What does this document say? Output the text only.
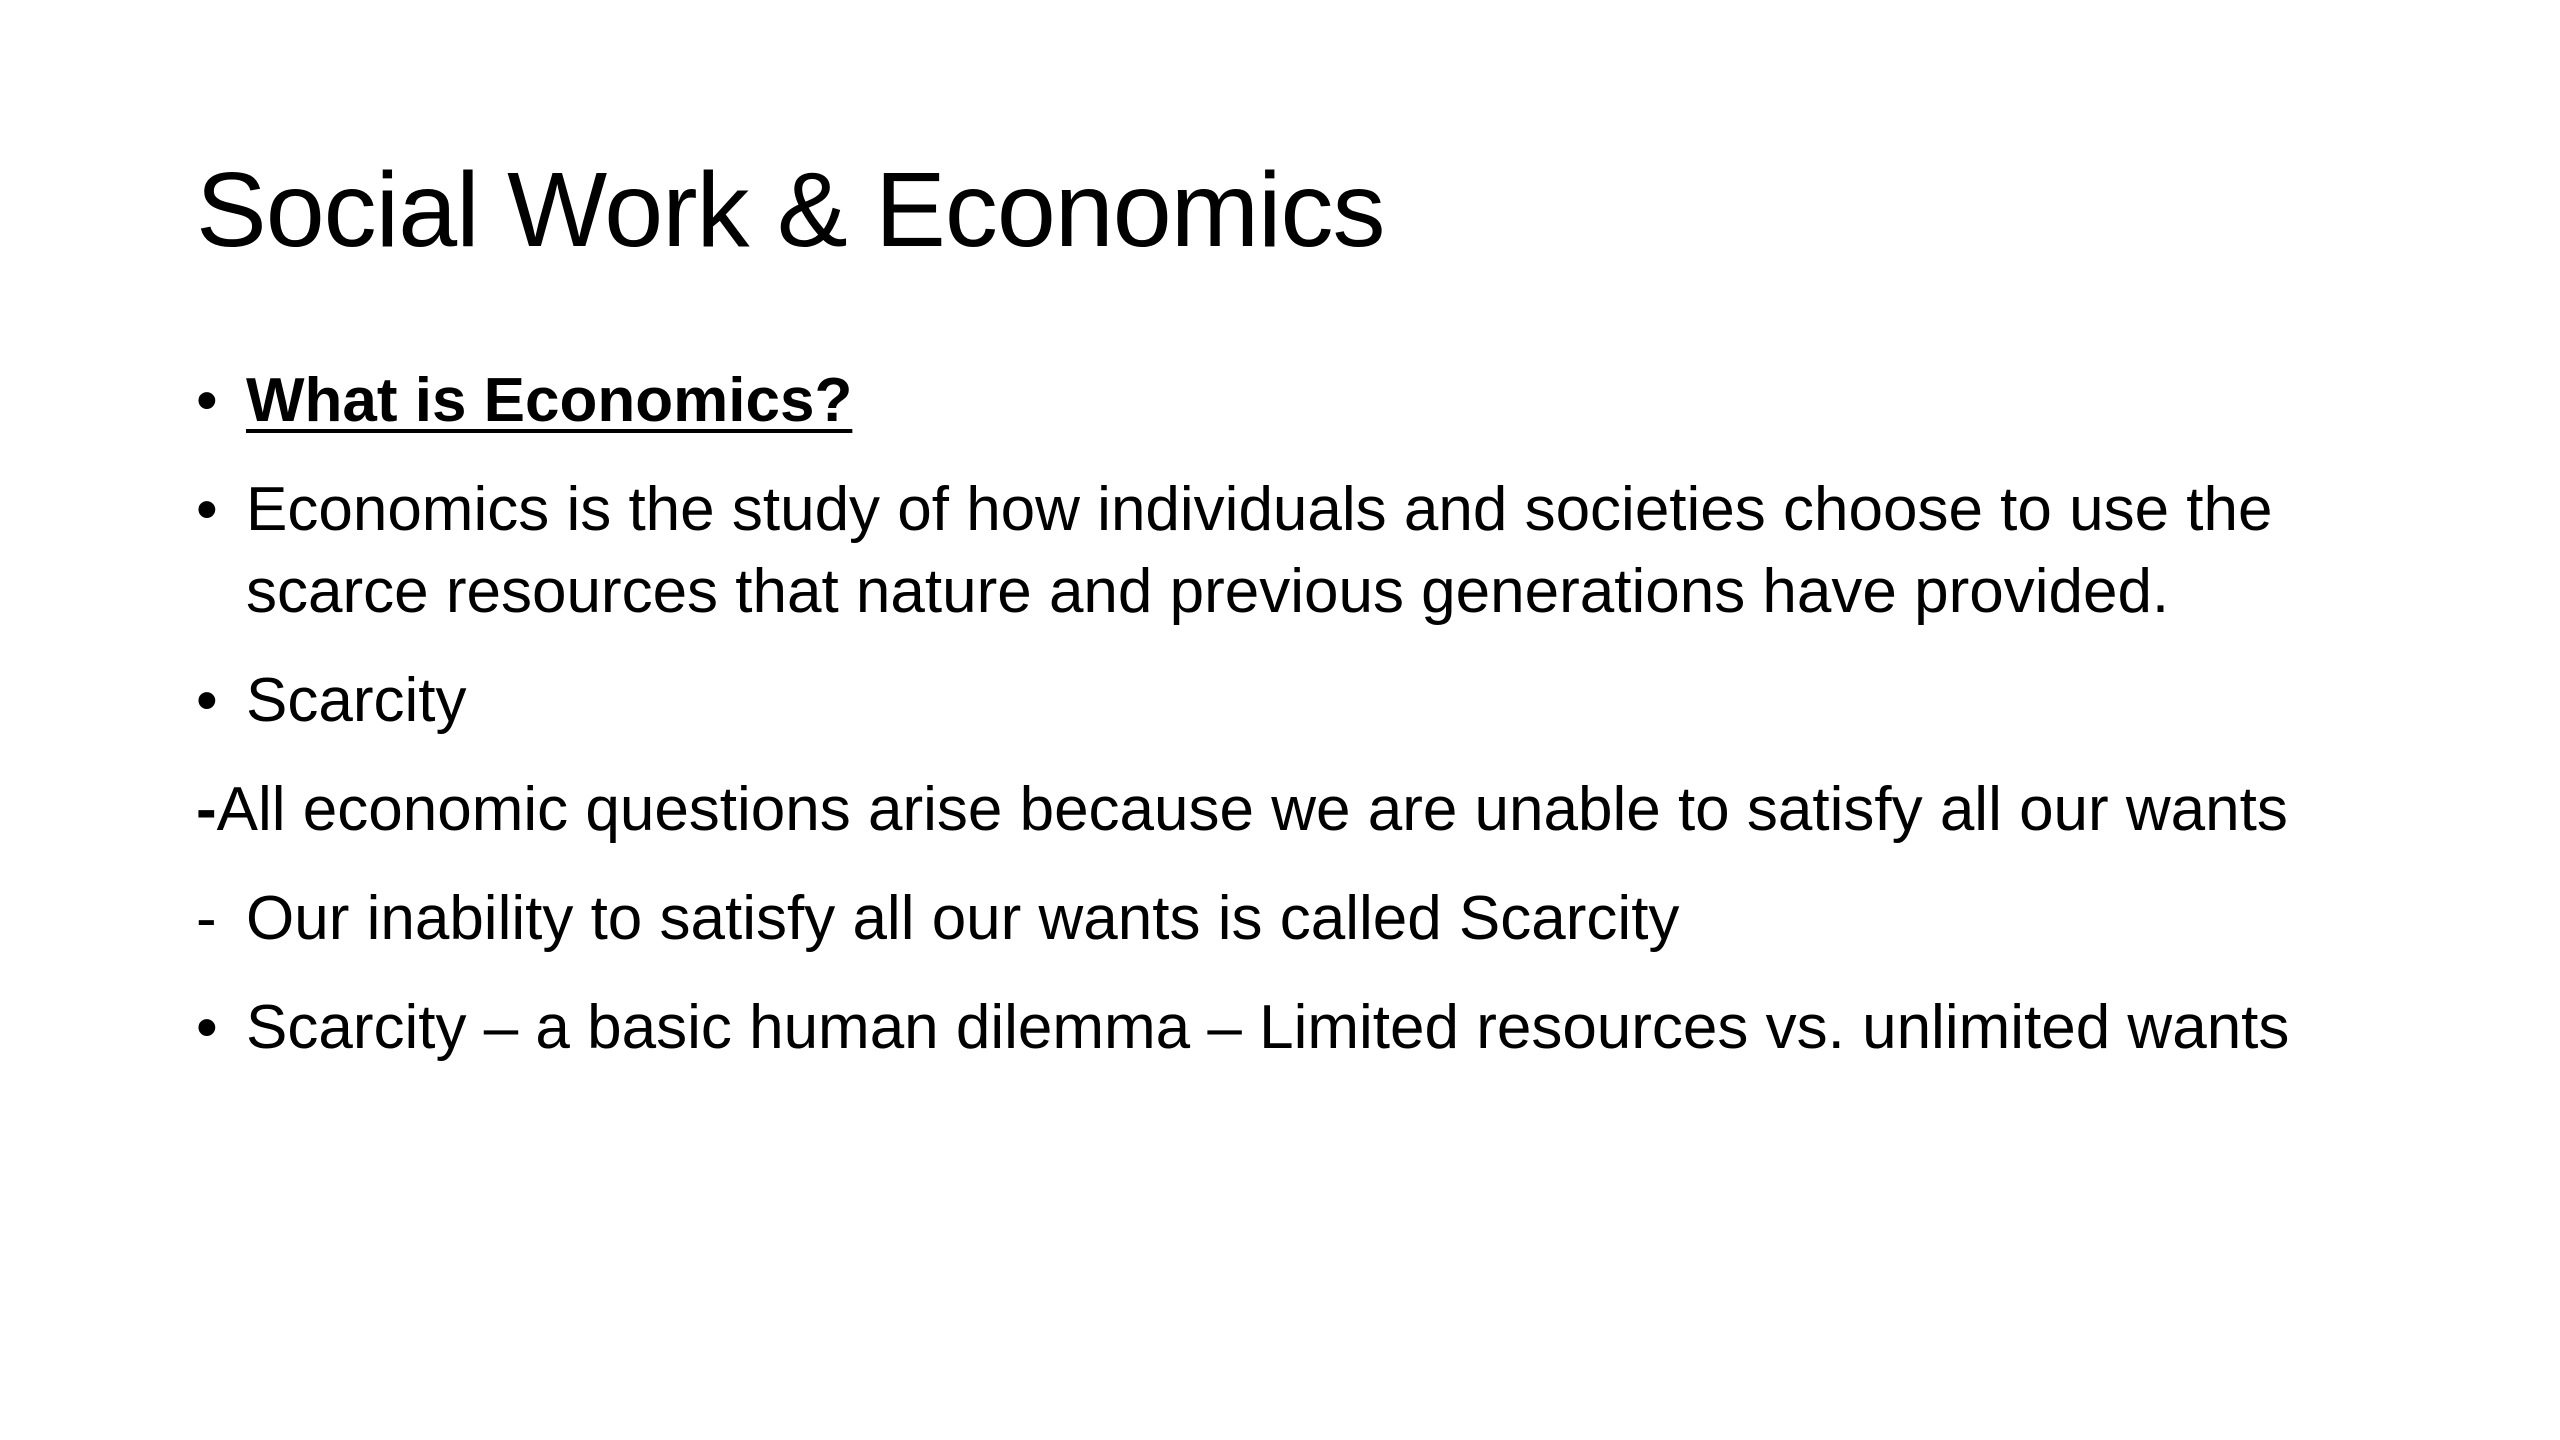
Social Work & Economics

• What is Economics?

• Economics is the study of how individuals and societies choose to use the scarce resources that nature and previous generations have provided.

• Scarcity

-All economic questions arise because we are unable to satisfy all our wants

- Our inability to satisfy all our wants is called Scarcity

• Scarcity – a basic human dilemma – Limited resources vs. unlimited wants
